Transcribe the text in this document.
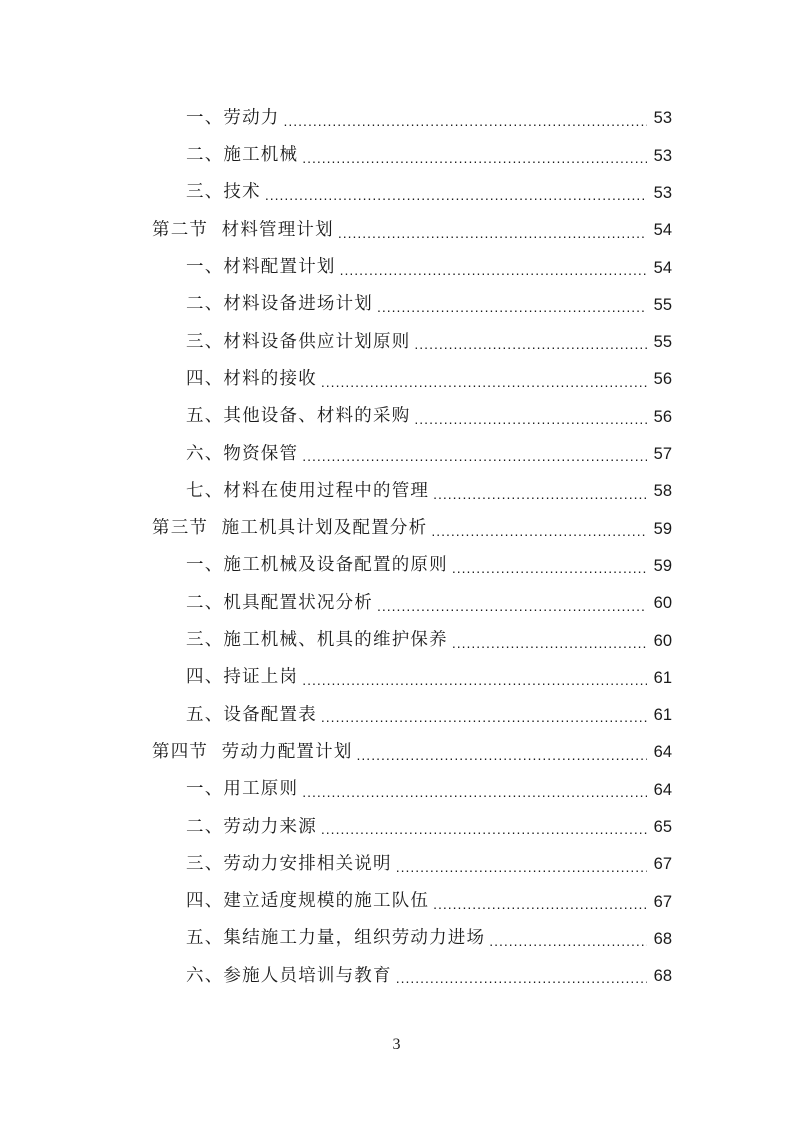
一、劳动力 .....	53
二、施工机械 .....	53
三、技术 .....	53
第二节  材料管理计划 .....	54
一、材料配置计划 .....	54
二、材料设备进场计划 .....	55
三、材料设备供应计划原则 .....	55
四、材料的接收 .....	56
五、其他设备、材料的采购 .....	56
六、物资保管 .....	57
七、材料在使用过程中的管理 .....	58
第三节  施工机具计划及配置分析 .....	59
一、施工机械及设备配置的原则 .....	59
二、机具配置状况分析 .....	60
三、施工机械、机具的维护保养 .....	60
四、持证上岗 .....	61
五、设备配置表 .....	61
第四节  劳动力配置计划 .....	64
一、用工原则 .....	64
二、劳动力来源 .....	65
三、劳动力安排相关说明 .....	67
四、建立适度规模的施工队伍 .....	67
五、集结施工力量，组织劳动力进场 .....	68
六、参施人员培训与教育 .....	68
3
